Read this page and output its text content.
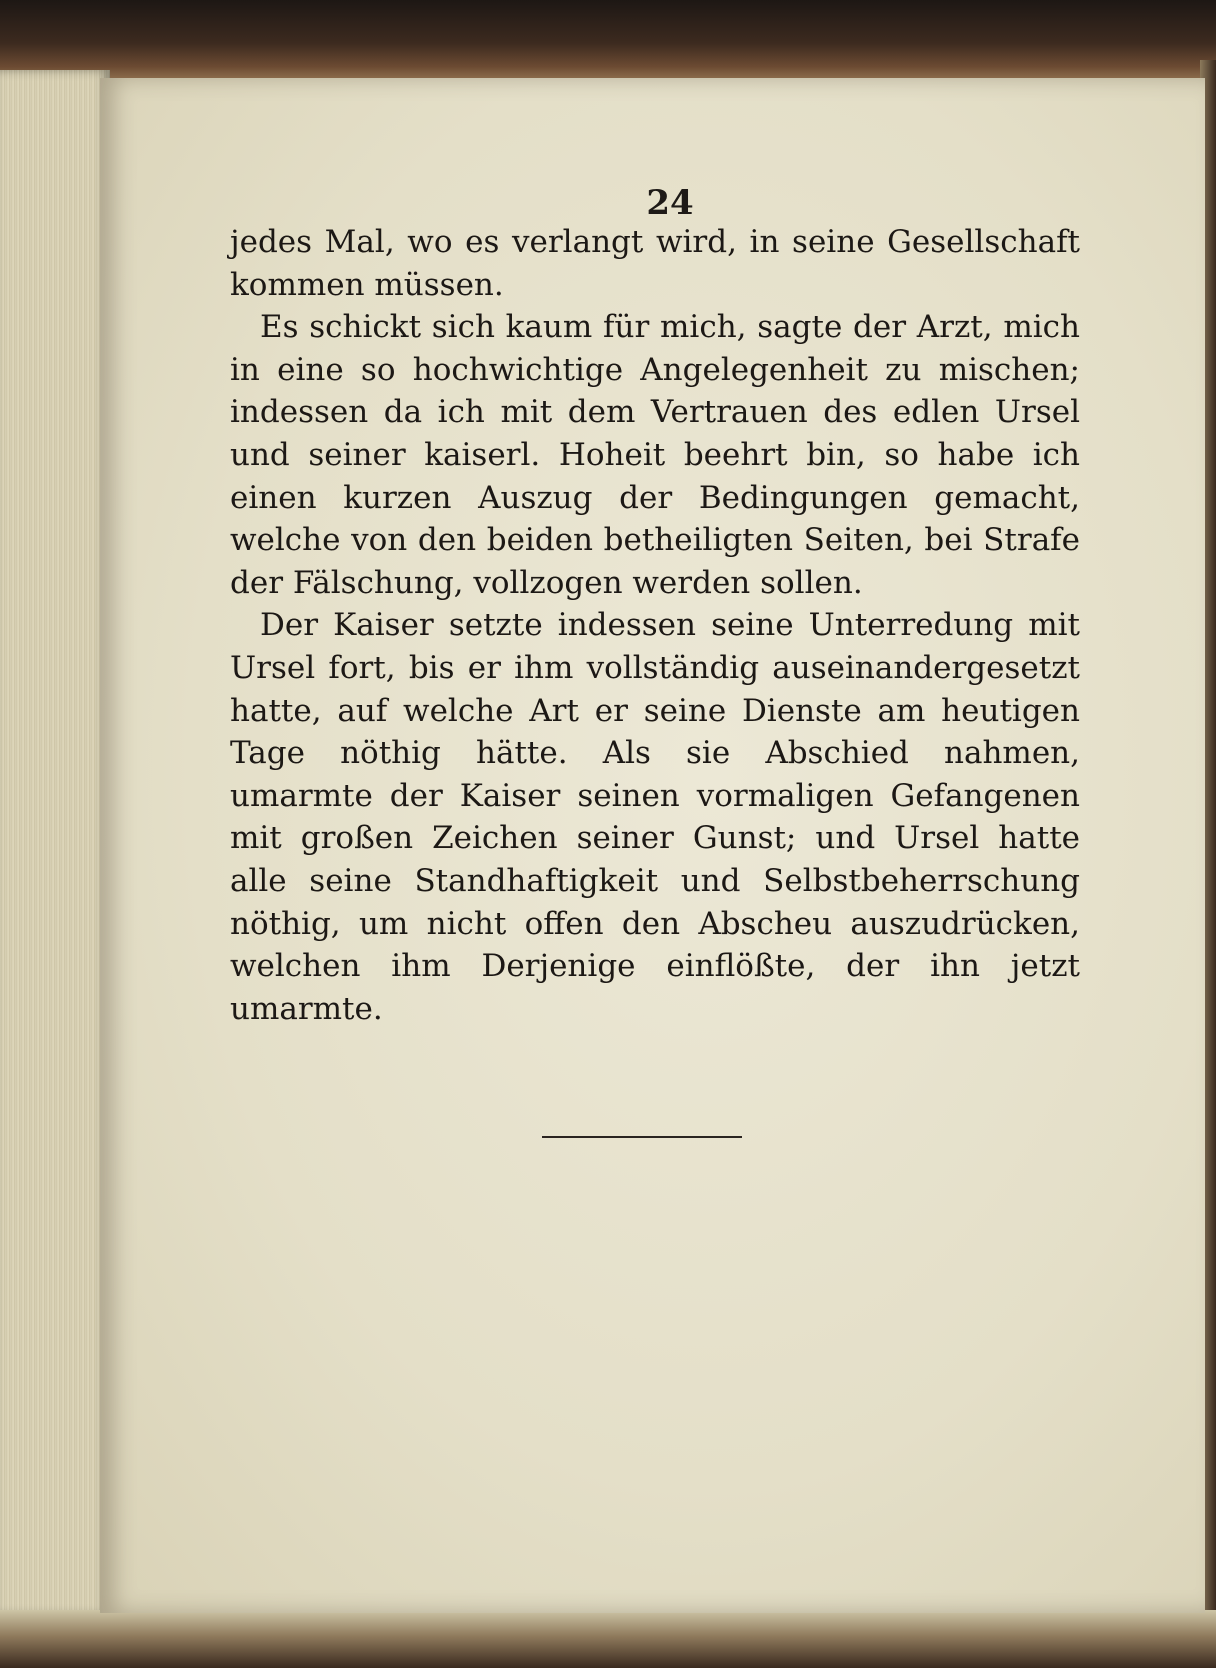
24

jedes Mal, wo es verlangt wird, in seine Gesellschaft kommen müssen.

Es schickt sich kaum für mich, sagte der Arzt, mich in eine so hochwichtige Angelegenheit zu mischen; indessen da ich mit dem Vertrauen des edlen Ursel und seiner kaiserl. Hoheit beehrt bin, so habe ich einen kurzen Auszug der Bedingungen gemacht, welche von den beiden betheiligten Seiten, bei Strafe der Fälschung, vollzogen werden sollen.

Der Kaiser setzte indessen seine Unterredung mit Ursel fort, bis er ihm vollständig auseinandergesetzt hatte, auf welche Art er seine Dienste am heutigen Tage nöthig hätte. Als sie Abschied nahmen, umarmte der Kaiser seinen vormaligen Gefangenen mit großen Zeichen seiner Gunst; und Ursel hatte alle seine Standhaftigkeit und Selbstbeherrschung nöthig, um nicht offen den Abscheu auszudrücken, welchen ihm Derjenige einflößte, der ihn jetzt umarmte.
